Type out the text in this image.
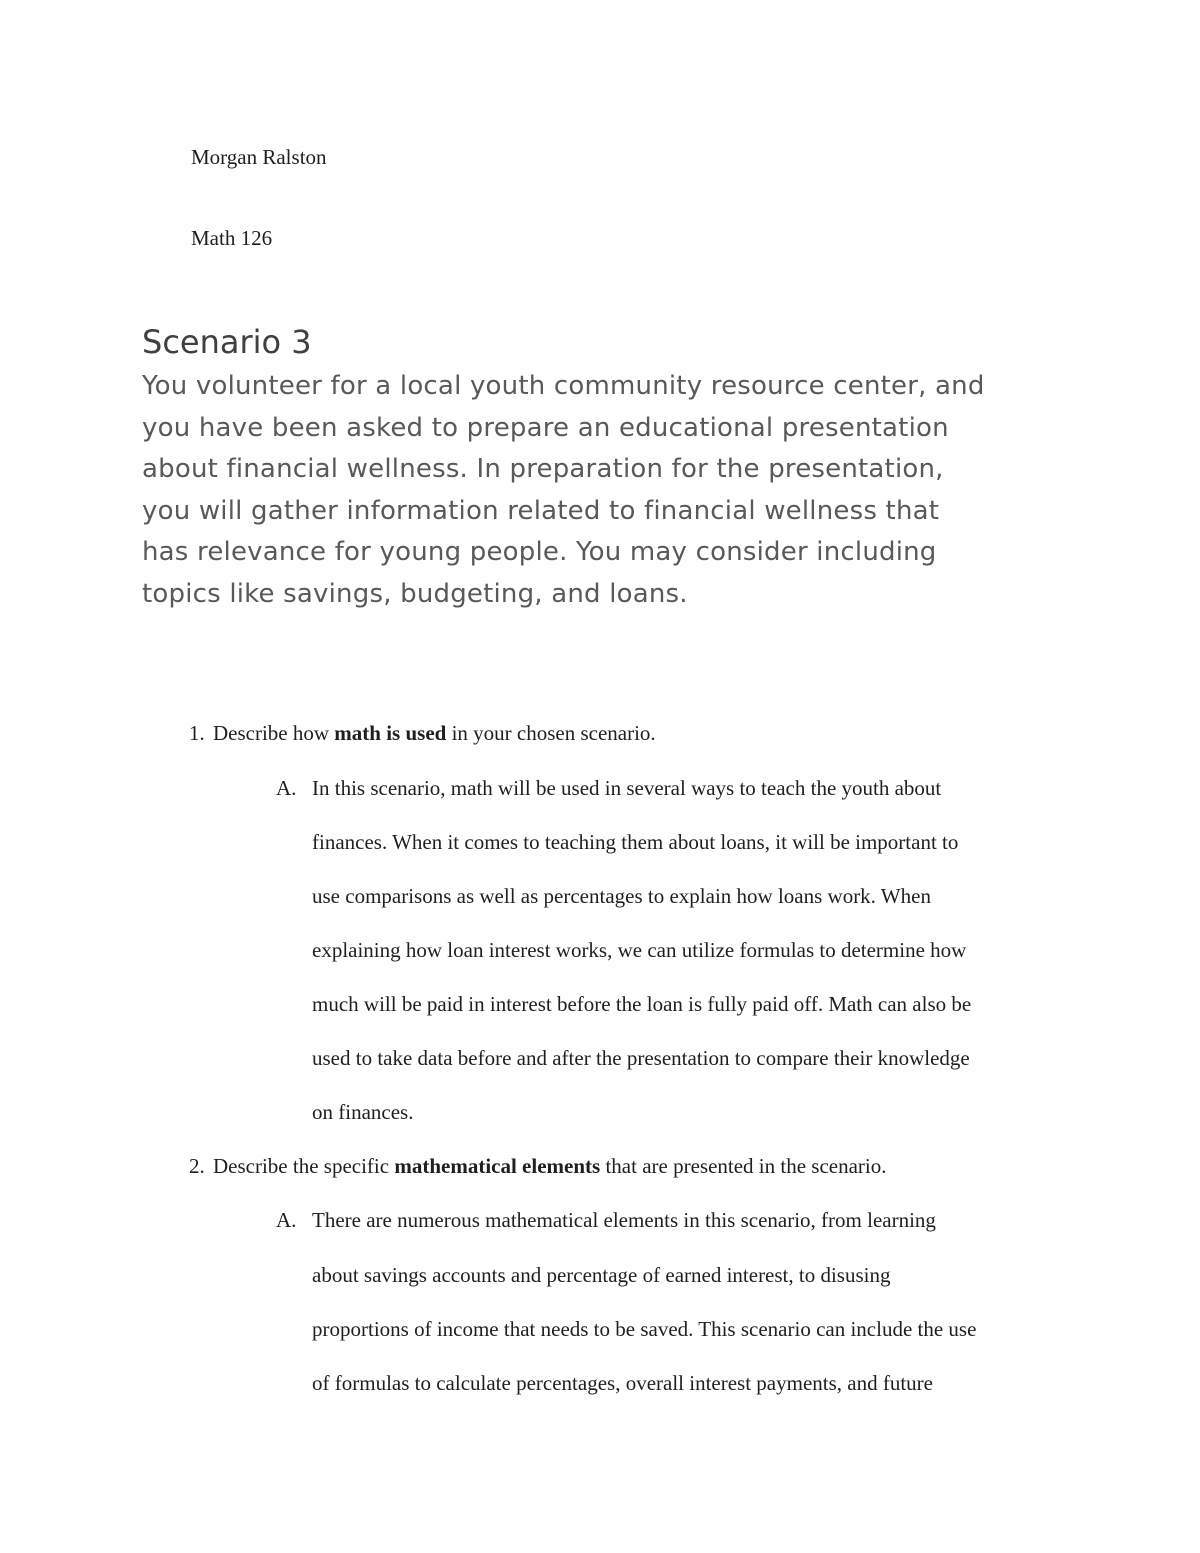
Morgan Ralston
Math 126
Scenario 3
You volunteer for a local youth community resource center, and
you have been asked to prepare an educational presentation
about financial wellness. In preparation for the presentation,
you will gather information related to financial wellness that
has relevance for young people. You may consider including
topics like savings, budgeting, and loans.
1. Describe how math is used in your chosen scenario.
A. In this scenario, math will be used in several ways to teach the youth about
finances. When it comes to teaching them about loans, it will be important to
use comparisons as well as percentages to explain how loans work. When
explaining how loan interest works, we can utilize formulas to determine how
much will be paid in interest before the loan is fully paid off. Math can also be
used to take data before and after the presentation to compare their knowledge
on finances.
2. Describe the specific mathematical elements that are presented in the scenario.
A. There are numerous mathematical elements in this scenario, from learning
about savings accounts and percentage of earned interest, to disusing
proportions of income that needs to be saved. This scenario can include the use
of formulas to calculate percentages, overall interest payments, and future
